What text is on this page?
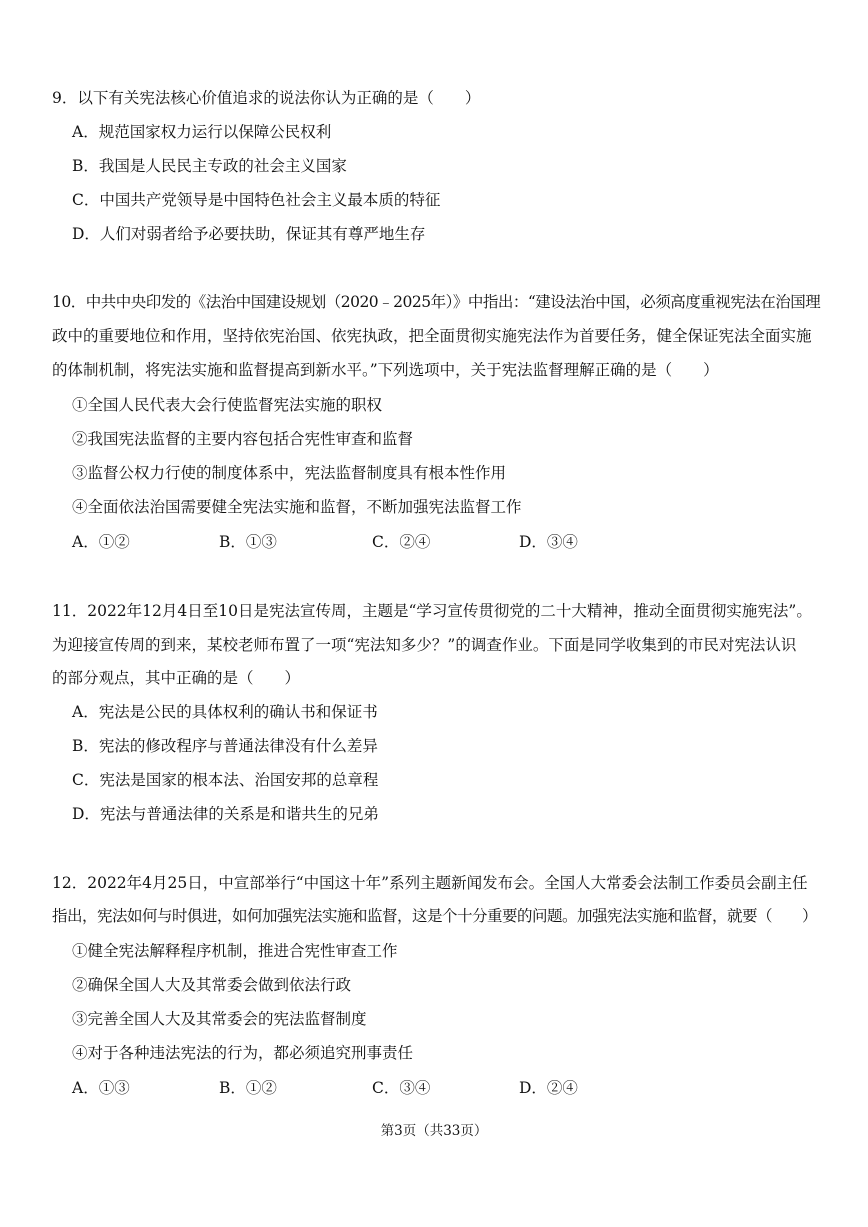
9．以下有关宪法核心价值追求的说法你认为正确的是（　　）
A．规范国家权力运行以保障公民权利
B．我国是人民民主专政的社会主义国家
C．中国共产党领导是中国特色社会主义最本质的特征
D．人们对弱者给予必要扶助，保证其有尊严地生存
10．中共中央印发的《法治中国建设规划（2020﹣2025年）》中指出：“建设法治中国，必须高度重视宪法在治国理
政中的重要地位和作用，坚持依宪治国、依宪执政，把全面贯彻实施宪法作为首要任务，健全保证宪法全面实施
的体制机制，将宪法实施和监督提高到新水平。”下列选项中，关于宪法监督理解正确的是（　　）
①全国人民代表大会行使监督宪法实施的职权
②我国宪法监督的主要内容包括合宪性审查和监督
③监督公权力行使的制度体系中，宪法监督制度具有根本性作用
④全面依法治国需要健全宪法实施和监督，不断加强宪法监督工作
A．①②	B．①③	C．②④	D．③④
11．2022年12月4日至10日是宪法宣传周，主题是“学习宣传贯彻党的二十大精神，推动全面贯彻实施宪法”。
为迎接宣传周的到来，某校老师布置了一项“宪法知多少？”的调查作业。下面是同学收集到的市民对宪法认识
的部分观点，其中正确的是（　　）
A．宪法是公民的具体权利的确认书和保证书
B．宪法的修改程序与普通法律没有什么差异
C．宪法是国家的根本法、治国安邦的总章程
D．宪法与普通法律的关系是和谐共生的兄弟
12．2022年4月25日，中宣部举行“中国这十年”系列主题新闻发布会。全国人大常委会法制工作委员会副主任
指出，宪法如何与时俱进，如何加强宪法实施和监督，这是个十分重要的问题。加强宪法实施和监督，就要（　　）
①健全宪法解释程序机制，推进合宪性审查工作
②确保全国人大及其常委会做到依法行政
③完善全国人大及其常委会的宪法监督制度
④对于各种违法宪法的行为，都必须追究刑事责任
A．①③	B．①②	C．③④	D．②④
第3页（共33页）
